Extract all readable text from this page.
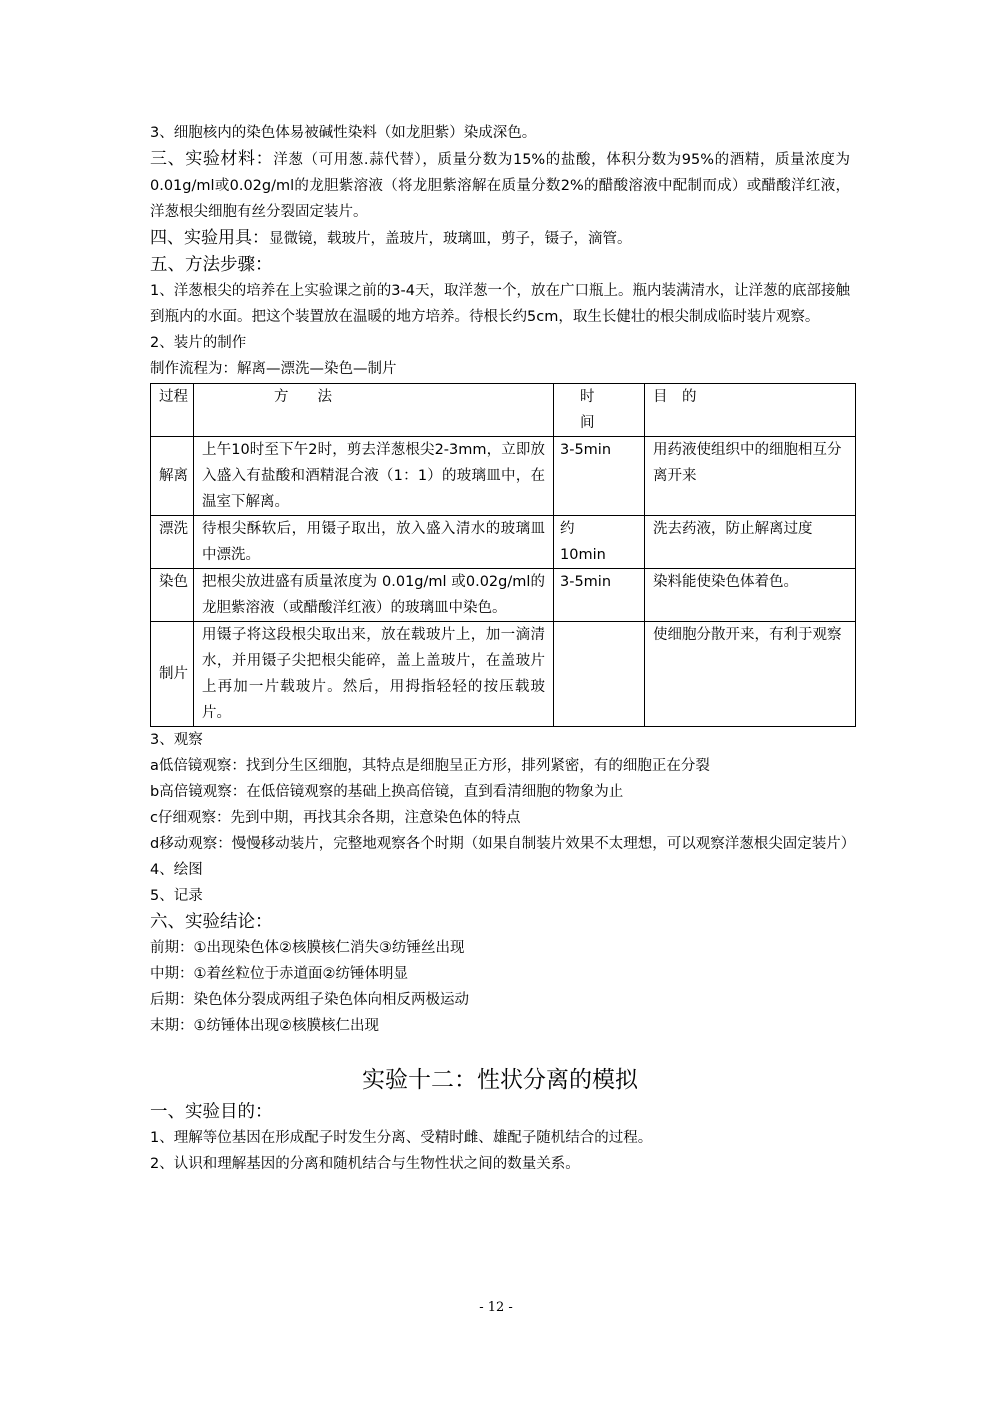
3、细胞核内的染色体易被碱性染料（如龙胆紫）染成深色。

三、实验材料：洋葱（可用葱.蒜代替），质量分数为15%的盐酸，体积分数为95%的酒精，质量浓度为0.01g/ml或0.02g/ml的龙胆紫溶液（将龙胆紫溶解在质量分数2%的醋酸溶液中配制而成）或醋酸洋红液，洋葱根尖细胞有丝分裂固定装片。

四、实验用具：显微镜，载玻片，盖玻片，玻璃皿，剪子，镊子，滴管。

五、方法步骤：

1、洋葱根尖的培养在上实验课之前的3-4天，取洋葱一个，放在广口瓶上。瓶内装满清水，让洋葱的底部接触到瓶内的水面。把这个装置放在温暖的地方培养。待根长约5cm，取生长健壮的根尖制成临时装片观察。

2、装片的制作

制作流程为：解离—漂洗—染色—制片

过程	方　　法	时间	目　的
解离	上午10时至下午2时，剪去洋葱根尖2-3mm，立即放入盛入有盐酸和酒精混合液（1：1）的玻璃皿中，在温室下解离。	3-5min	用药液使组织中的细胞相互分离开来
漂洗	待根尖酥软后，用镊子取出，放入盛入清水的玻璃皿中漂洗。	约10min	洗去药液，防止解离过度
染色	把根尖放进盛有质量浓度为 0.01g/ml 或0.02g/ml的龙胆紫溶液（或醋酸洋红液）的玻璃皿中染色。	3-5min	染料能使染色体着色。
制片	用镊子将这段根尖取出来，放在载玻片上，加一滴清水，并用镊子尖把根尖能碎，盖上盖玻片，在盖玻片上再加一片载玻片。然后，用拇指轻轻的按压载玻片。		使细胞分散开来，有利于观察

3、观察

a低倍镜观察：找到分生区细胞，其特点是细胞呈正方形，排列紧密，有的细胞正在分裂

b高倍镜观察：在低倍镜观察的基础上换高倍镜，直到看清细胞的物象为止

c仔细观察：先到中期，再找其余各期，注意染色体的特点

d移动观察：慢慢移动装片，完整地观察各个时期（如果自制装片效果不太理想，可以观察洋葱根尖固定装片）

4、绘图

5、记录

六、实验结论：

前期：①出现染色体②核膜核仁消失③纺锤丝出现

中期：①着丝粒位于赤道面②纺锤体明显

后期：染色体分裂成两组子染色体向相反两极运动

末期：①纺锤体出现②核膜核仁出现

实验十二：性状分离的模拟

一、实验目的：

1、理解等位基因在形成配子时发生分离、受精时雌、雄配子随机结合的过程。

2、认识和理解基因的分离和随机结合与生物性状之间的数量关系。

- 12 -
